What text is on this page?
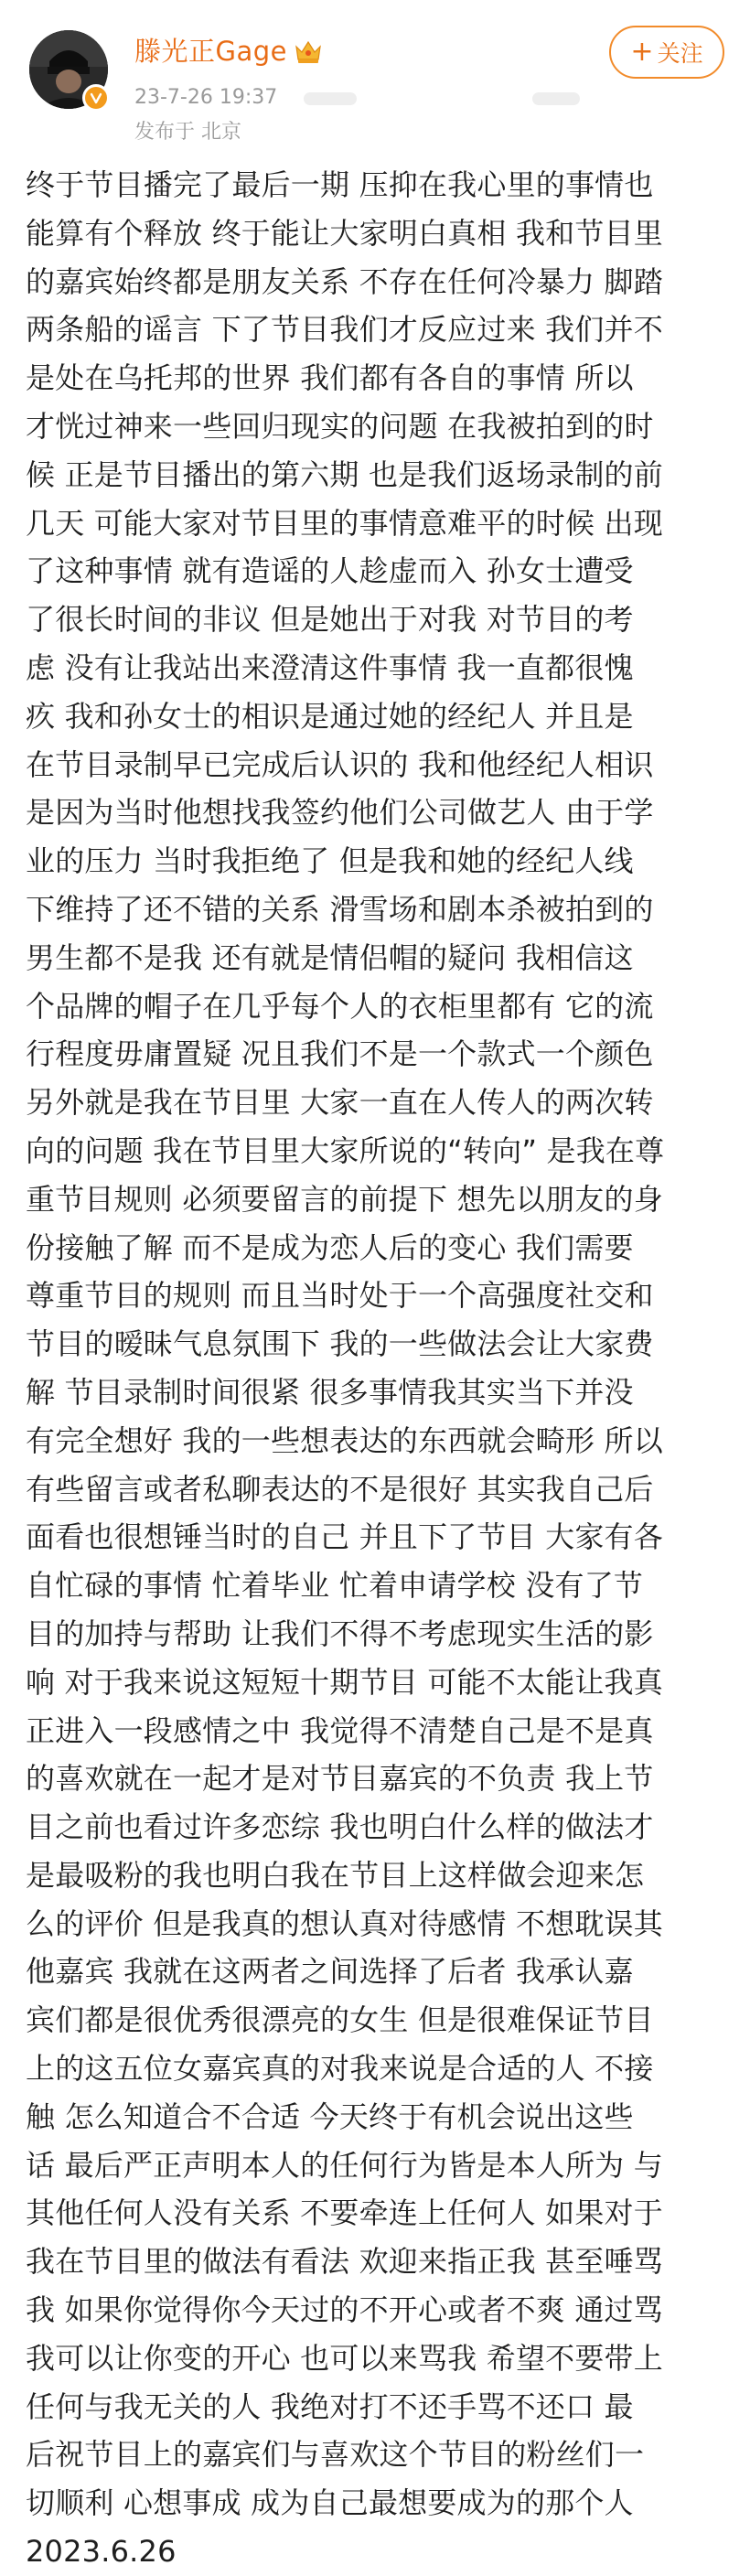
滕光正Gage
23-7-26 19:37
发布于 北京
+ 关注
终于节目播完了最后一期 压抑在我心里的事情也
能算有个释放 终于能让大家明白真相 我和节目里
的嘉宾始终都是朋友关系 不存在任何冷暴力 脚踏
两条船的谣言 下了节目我们才反应过来 我们并不
是处在乌托邦的世界 我们都有各自的事情 所以
才恍过神来一些回归现实的问题 在我被拍到的时
候 正是节目播出的第六期 也是我们返场录制的前
几天 可能大家对节目里的事情意难平的时候 出现
了这种事情 就有造谣的人趁虚而入 孙女士遭受
了很长时间的非议 但是她出于对我 对节目的考
虑 没有让我站出来澄清这件事情 我一直都很愧
疚 我和孙女士的相识是通过她的经纪人 并且是
在节目录制早已完成后认识的 我和他经纪人相识
是因为当时他想找我签约他们公司做艺人 由于学
业的压力 当时我拒绝了 但是我和她的经纪人线
下维持了还不错的关系 滑雪场和剧本杀被拍到的
男生都不是我 还有就是情侣帽的疑问 我相信这
个品牌的帽子在几乎每个人的衣柜里都有 它的流
行程度毋庸置疑 况且我们不是一个款式一个颜色
另外就是我在节目里 大家一直在人传人的两次转
向的问题 我在节目里大家所说的“转向” 是我在尊
重节目规则 必须要留言的前提下 想先以朋友的身
份接触了解 而不是成为恋人后的变心 我们需要
尊重节目的规则 而且当时处于一个高强度社交和
节目的暧昧气息氛围下 我的一些做法会让大家费
解 节目录制时间很紧 很多事情我其实当下并没
有完全想好 我的一些想表达的东西就会畸形 所以
有些留言或者私聊表达的不是很好 其实我自己后
面看也很想锤当时的自己 并且下了节目 大家有各
自忙碌的事情 忙着毕业 忙着申请学校 没有了节
目的加持与帮助 让我们不得不考虑现实生活的影
响 对于我来说这短短十期节目 可能不太能让我真
正进入一段感情之中 我觉得不清楚自己是不是真
的喜欢就在一起才是对节目嘉宾的不负责 我上节
目之前也看过许多恋综 我也明白什么样的做法才
是最吸粉的我也明白我在节目上这样做会迎来怎
么的评价 但是我真的想认真对待感情 不想耽误其
他嘉宾 我就在这两者之间选择了后者 我承认嘉
宾们都是很优秀很漂亮的女生 但是很难保证节目
上的这五位女嘉宾真的对我来说是合适的人 不接
触 怎么知道合不合适 今天终于有机会说出这些
话 最后严正声明本人的任何行为皆是本人所为 与
其他任何人没有关系 不要牵连上任何人 如果对于
我在节目里的做法有看法 欢迎来指正我 甚至唾骂
我 如果你觉得你今天过的不开心或者不爽 通过骂
我可以让你变的开心 也可以来骂我 希望不要带上
任何与我无关的人 我绝对打不还手骂不还口 最
后祝节目上的嘉宾们与喜欢这个节目的粉丝们一
切顺利 心想事成 成为自己最想要成为的那个人
2023.6.26
